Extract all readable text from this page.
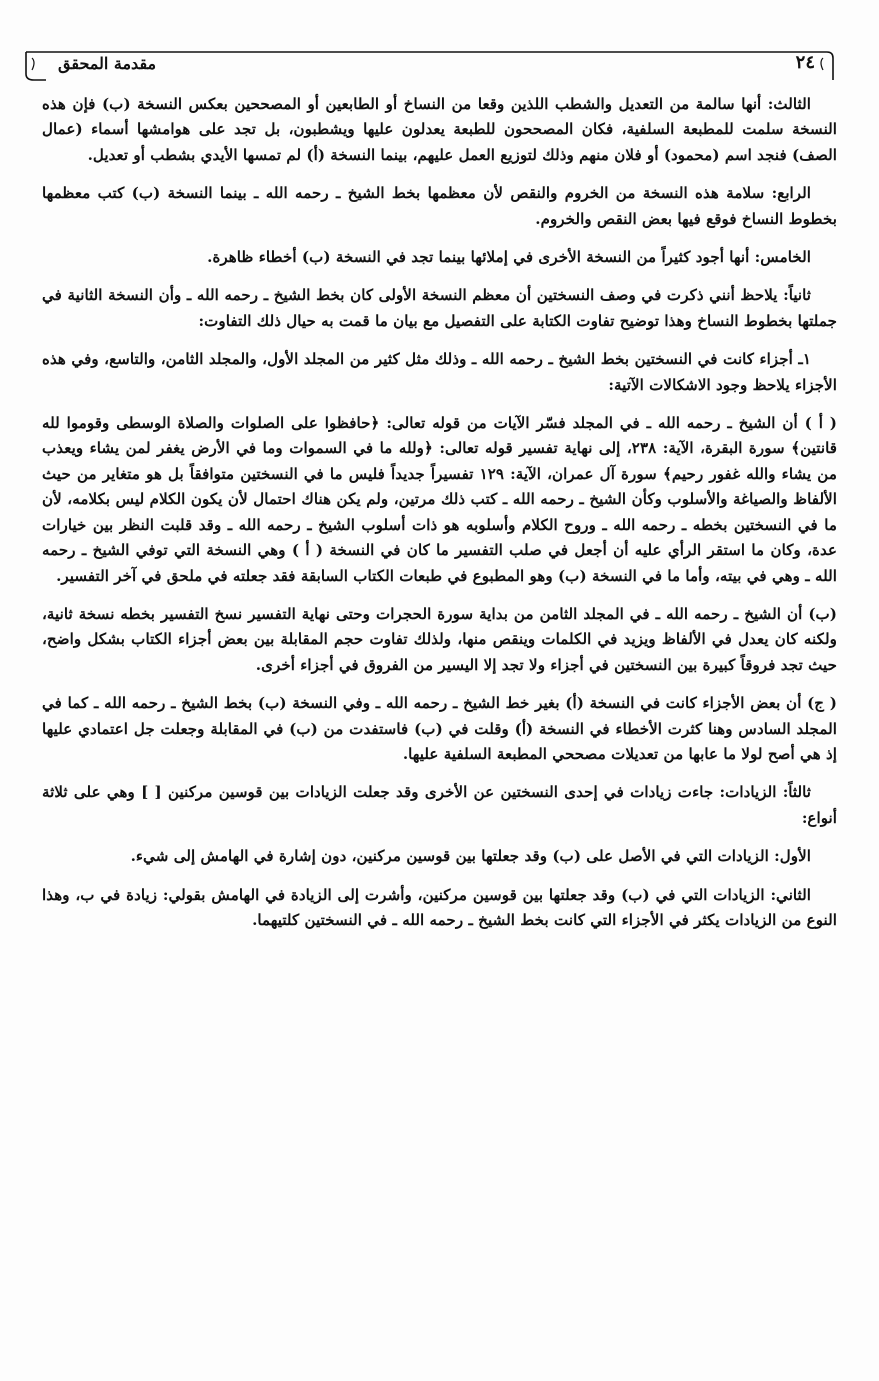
مقدمة المحقق	٢٤
الثالث: أنها سالمة من التعديل والشطب اللذين وقعا من النساخ أو الطابعين أو المصححين بعكس النسخة (ب) فإن هذه النسخة سلمت للمطبعة السلفية، فكان المصححون للطبعة يعدلون عليها ويشطبون، بل تجد على هوامشها أسماء (عمال الصف) فنجد اسم (محمود) أو فلان منهم وذلك لتوزيع العمل عليهم، بينما النسخة (أ) لم تمسها الأيدي بشطب أو تعديل.
الرابع: سلامة هذه النسخة من الخروم والنقص لأن معظمها بخط الشيخ ـ رحمه الله ـ بينما النسخة (ب) كتب معظمها بخطوط النساخ فوقع فيها بعض النقص والخروم.
الخامس: أنها أجود كثيراً من النسخة الأخرى في إملائها بينما تجد في النسخة (ب) أخطاء ظاهرة.
ثانياً: يلاحظ أنني ذكرت في وصف النسختين أن معظم النسخة الأولى كان بخط الشيخ ـ رحمه الله ـ وأن النسخة الثانية في جملتها بخطوط النساخ وهذا توضيح تفاوت الكتابة على التفصيل مع بيان ما قمت به حيال ذلك التفاوت:
١ـ أجزاء كانت في النسختين بخط الشيخ ـ رحمه الله ـ وذلك مثل كثير من المجلد الأول، والمجلد الثامن، والتاسع، وفي هذه الأجزاء يلاحظ وجود الاشكالات الآتية:
( أ ) أن الشيخ ـ رحمه الله ـ في المجلد فسّر الآيات من قوله تعالى: ﴿حافظوا على الصلوات والصلاة الوسطى وقوموا لله قانتين﴾ سورة البقرة، الآية: ٢٣٨، إلى نهاية تفسير قوله تعالى: ﴿ولله ما في السموات وما في الأرض يغفر لمن يشاء ويعذب من يشاء والله غفور رحيم﴾ سورة آل عمران، الآية: ١٢٩ تفسيراً جديداً فليس ما في النسختين متوافقاً بل هو متغاير من حيث الألفاظ والصياغة والأسلوب وكأن الشيخ ـ رحمه الله ـ كتب ذلك مرتين، ولم يكن هناك احتمال لأن يكون الكلام ليس بكلامه، لأن ما في النسختين بخطه ـ رحمه الله ـ وروح الكلام وأسلوبه هو ذات أسلوب الشيخ ـ رحمه الله ـ وقد قلبت النظر بين خيارات عدة، وكان ما استقر الرأي عليه أن أجعل في صلب التفسير ما كان في النسخة ( أ ) وهي النسخة التي توفي الشيخ ـ رحمه الله ـ وهي في بيته، وأما ما في النسخة (ب) وهو المطبوع في طبعات الكتاب السابقة فقد جعلته في ملحق في آخر التفسير.
(ب) أن الشيخ ـ رحمه الله ـ في المجلد الثامن من بداية سورة الحجرات وحتى نهاية التفسير نسخ التفسير بخطه نسخة ثانية، ولكنه كان يعدل في الألفاظ ويزيد في الكلمات وينقص منها، ولذلك تفاوت حجم المقابلة بين بعض أجزاء الكتاب بشكل واضح، حيث تجد فروقاً كبيرة بين النسختين في أجزاء ولا تجد إلا اليسير من الفروق في أجزاء أخرى.
( ج) أن بعض الأجزاء كانت في النسخة (أ) بغير خط الشيخ ـ رحمه الله ـ وفي النسخة (ب) بخط الشيخ ـ رحمه الله ـ كما في المجلد السادس وهنا كثرت الأخطاء في النسخة (أ) وقلت في (ب) فاستفدت من (ب) في المقابلة وجعلت جل اعتمادي عليها إذ هي أصح لولا ما عابها من تعديلات مصححي المطبعة السلفية عليها.
ثالثاً: الزيادات: جاءت زيادات في إحدى النسختين عن الأخرى وقد جعلت الزيادات بين قوسين مركنين [ ] وهي على ثلاثة أنواع:
الأول: الزيادات التي في الأصل على (ب) وقد جعلتها بين قوسين مركنين، دون إشارة في الهامش إلى شيء.
الثاني: الزيادات التي في (ب) وقد جعلتها بين قوسين مركنين، وأشرت إلى الزيادة في الهامش بقولي: زيادة في ب، وهذا النوع من الزيادات يكثر في الأجزاء التي كانت بخط الشيخ ـ رحمه الله ـ في النسختين كلتيهما.
